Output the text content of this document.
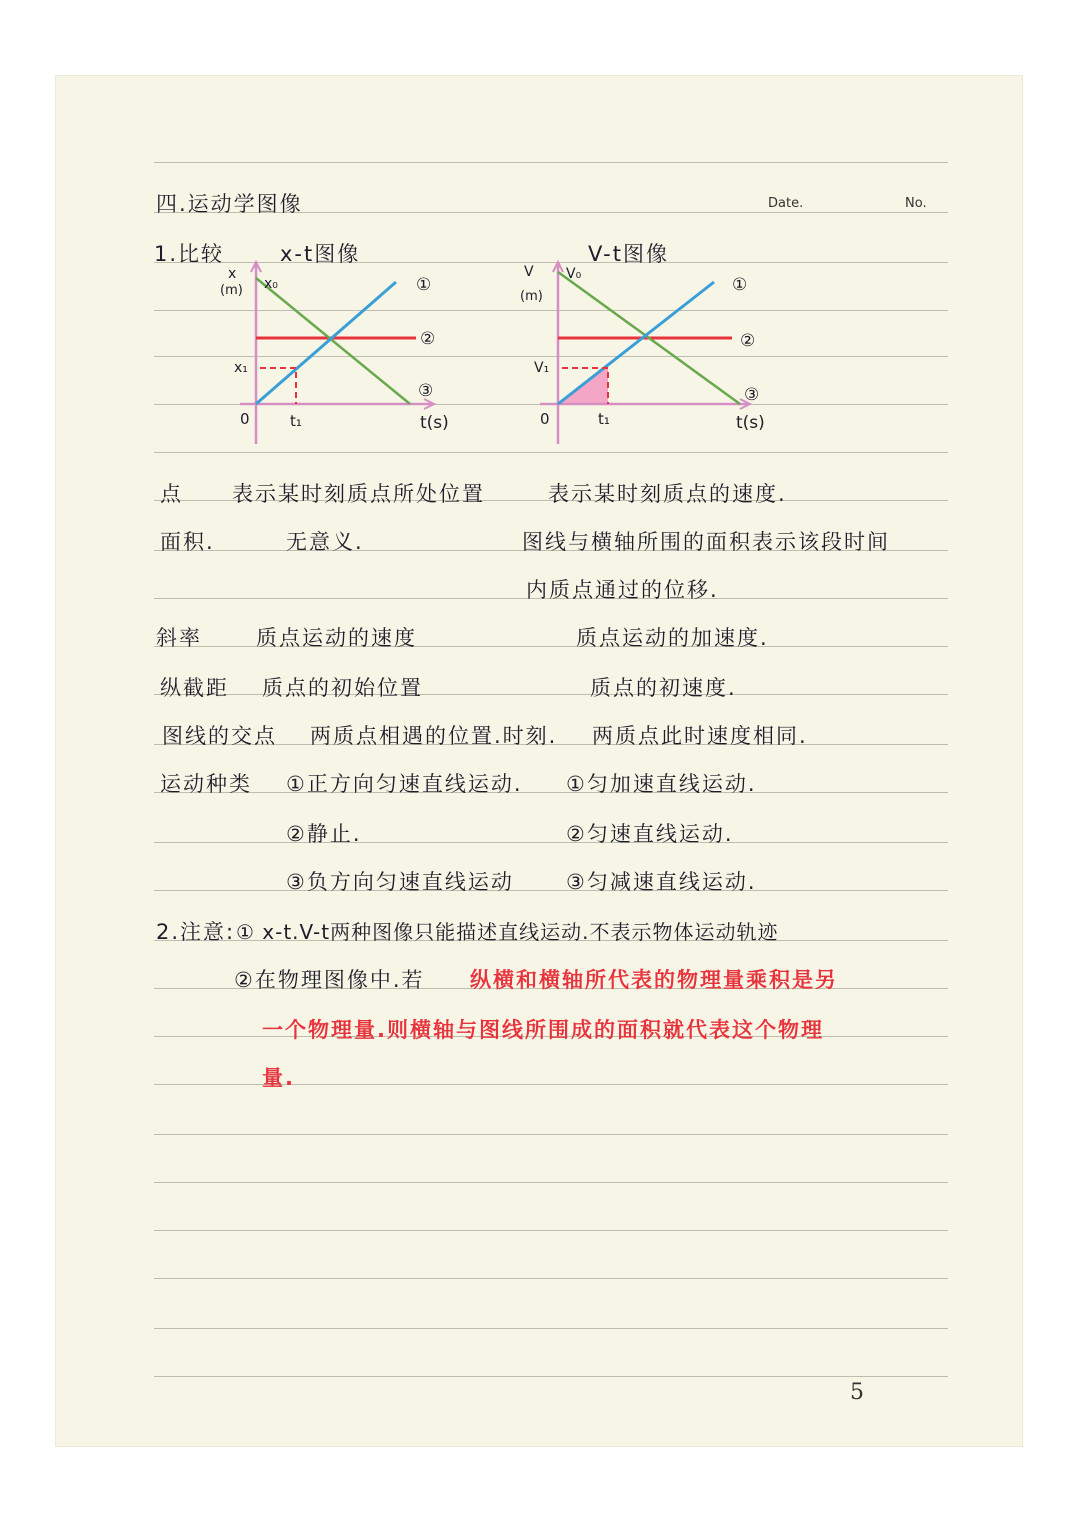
四.运动学图像	Date.	No.
1.比较	x-t图像	V-t图像
x
(m) x₀
x₁
0	t₁	t(s)
①
②
③
V
(m)
V₀
V₁
0	t₁	t(s)
①
②
③
点 表示某时刻质点所处位置	表示某时刻质点的速度.
面积.	无意义.	图线与横轴所围的面积表示该段时间
内质点通过的位移.
斜率	质点运动的速度	质点运动的加速度.
纵截距 质点的初始位置	质点的初速度.
图线的交点 两质点相遇的位置.时刻. 两质点此时速度相同.
运动种类 ①正方向匀速直线运动. ①匀加速直线运动.
②静止.	②匀速直线运动.
③负方向匀速直线运动 ③匀减速直线运动.
2.注意: ① x-t.V-t两种图像只能描述直线运动.不表示物体运动轨迹
②在物理图像中.若 纵横和横轴所代表的物理量乘积是另
一个物理量.则横轴与图线所围成的面积就代表这个物理
量.
5
